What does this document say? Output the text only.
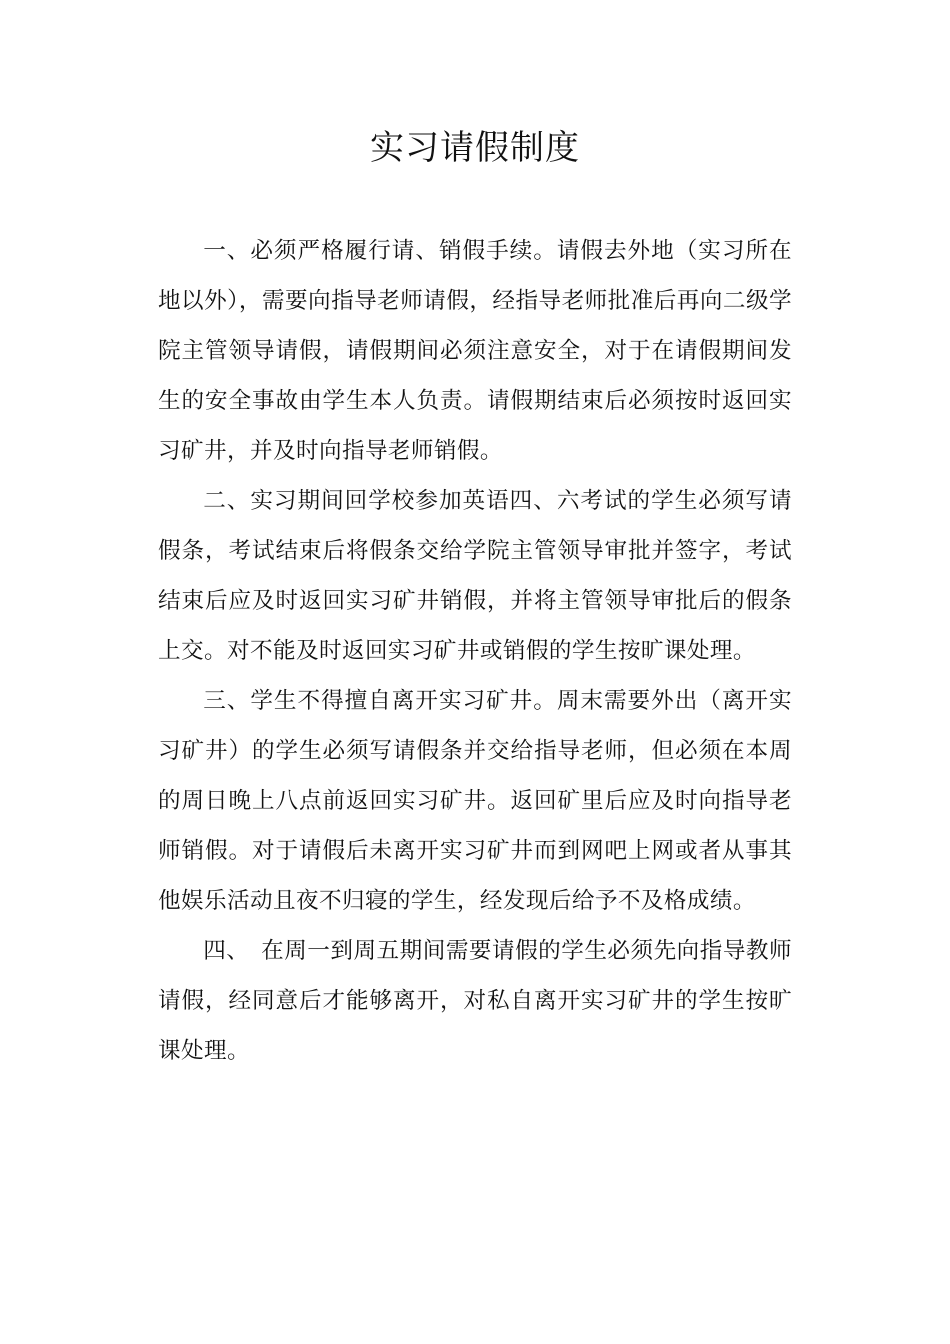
实习请假制度

一、必须严格履行请、销假手续。请假去外地（实习所在地以外），需要向指导老师请假，经指导老师批准后再向二级学院主管领导请假，请假期间必须注意安全，对于在请假期间发生的安全事故由学生本人负责。请假期结束后必须按时返回实习矿井，并及时向指导老师销假。

二、实习期间回学校参加英语四、六考试的学生必须写请假条，考试结束后将假条交给学院主管领导审批并签字，考试结束后应及时返回实习矿井销假，并将主管领导审批后的假条上交。对不能及时返回实习矿井或销假的学生按旷课处理。

三、学生不得擅自离开实习矿井。周末需要外出（离开实习矿井）的学生必须写请假条并交给指导老师，但必须在本周的周日晚上八点前返回实习矿井。返回矿里后应及时向指导老师销假。对于请假后未离开实习矿井而到网吧上网或者从事其他娱乐活动且夜不归寝的学生，经发现后给予不及格成绩。

四、　在周一到周五期间需要请假的学生必须先向指导教师请假，经同意后才能够离开，对私自离开实习矿井的学生按旷课处理。
